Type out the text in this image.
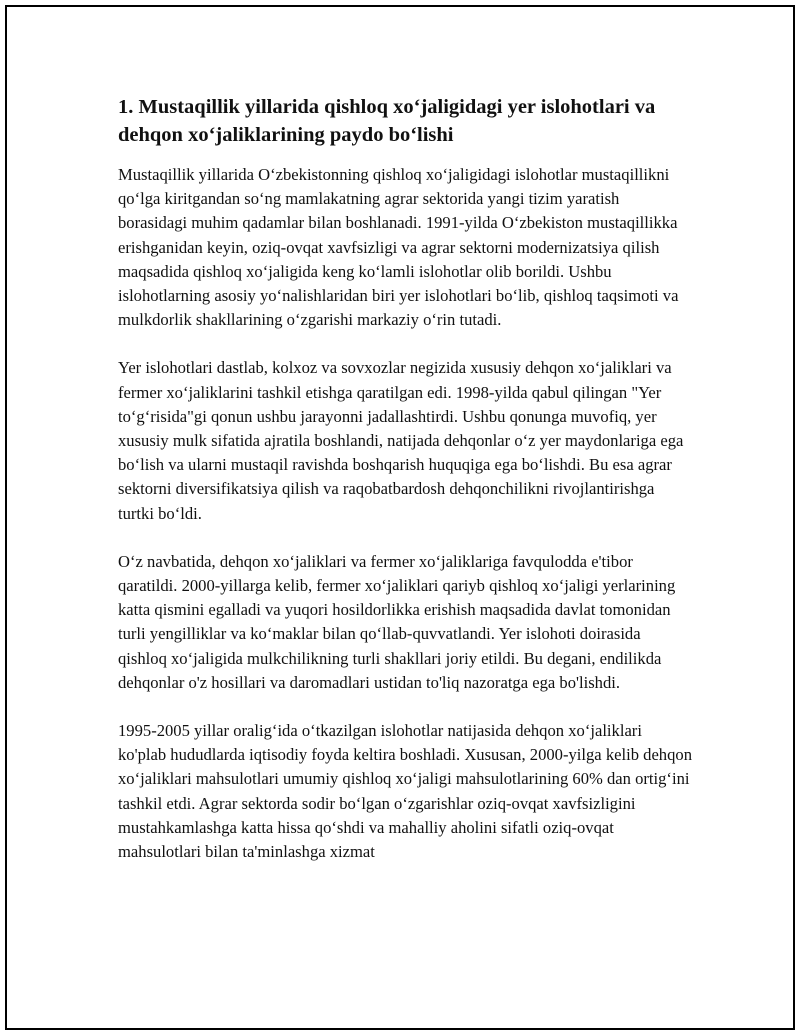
1. Mustaqillik yillarida qishloq xo‘jaligidagi yer islohotlari va dehqon xo‘jaliklarining paydo bo‘lishi

Mustaqillik yillarida O‘zbekistonning qishloq xo‘jaligidagi islohotlar mustaqillikni qo‘lga kiritgandan so‘ng mamlakatning agrar sektorida yangi tizim yaratish borasidagi muhim qadamlar bilan boshlanadi. 1991-yilda O‘zbekiston mustaqillikka erishganidan keyin, oziq-ovqat xavfsizligi va agrar sektorni modernizatsiya qilish maqsadida qishloq xo‘jaligida keng ko‘lamli islohotlar olib borildi. Ushbu islohotlarning asosiy yo‘nalishlaridan biri yer islohotlari bo‘lib, qishloq taqsimoti va mulkdorlik shakllarining o‘zgarishi markaziy o‘rin tutadi.

Yer islohotlari dastlab, kolxoz va sovxozlar negizida xususiy dehqon xo‘jaliklari va fermer xo‘jaliklarini tashkil etishga qaratilgan edi. 1998-yilda qabul qilingan "Yer to‘g‘risida"gi qonun ushbu jarayonni jadallashtirdi. Ushbu qonunga muvofiq, yer xususiy mulk sifatida ajratila boshlandi, natijada dehqonlar o‘z yer maydonlariga ega bo‘lish va ularni mustaqil ravishda boshqarish huquqiga ega bo‘lishdi. Bu esa agrar sektorni diversifikatsiya qilish va raqobatbardosh dehqonchilikni rivojlantirishga turtki bo‘ldi.

O‘z navbatida, dehqon xo‘jaliklari va fermer xo‘jaliklariga favqulodda e'tibor qaratildi. 2000-yillarga kelib, fermer xo‘jaliklari qariyb qishloq xo‘jaligi yerlarining katta qismini egalladi va yuqori hosildorlikka erishish maqsadida davlat tomonidan turli yengilliklar va ko‘maklar bilan qo‘llab-quvvatlandi. Yer islohoti doirasida qishloq xo‘jaligida mulkchilikning turli shakllari joriy etildi. Bu degani, endilikda dehqonlar o'z hosillari va daromadlari ustidan to'liq nazoratga ega bo'lishdi.

1995-2005 yillar oralig‘ida o‘tkazilgan islohotlar natijasida dehqon xo‘jaliklari ko'plab hududlarda iqtisodiy foyda keltira boshladi. Xususan, 2000-yilga kelib dehqon xo‘jaliklari mahsulotlari umumiy qishloq xo‘jaligi mahsulotlarining 60% dan ortig‘ini tashkil etdi. Agrar sektorda sodir bo‘lgan o‘zgarishlar oziq-ovqat xavfsizligini mustahkamlashga katta hissa qo‘shdi va mahalliy aholini sifatli oziq-ovqat mahsulotlari bilan ta'minlashga xizmat
